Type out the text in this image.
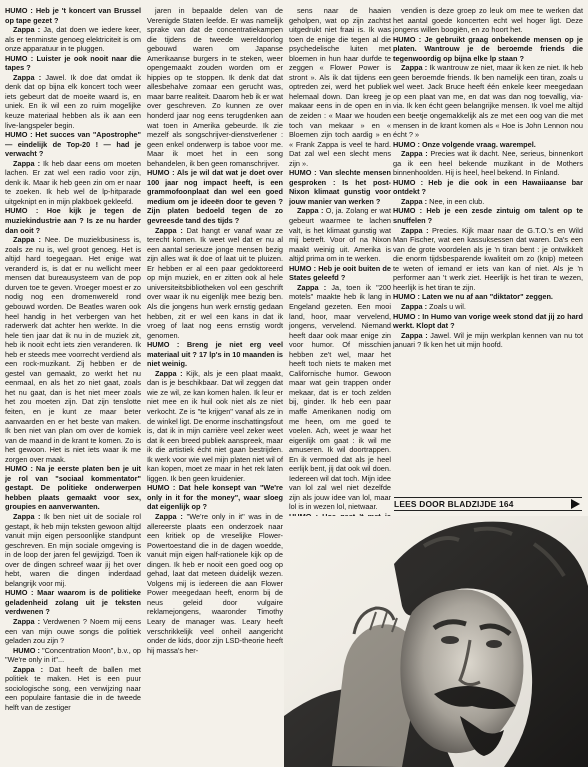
HUMO : Heb je 't koncert van Brussel op tape gezet ?

Zappa : Ja, dat doen we iedere keer, als er tenminste genoeg elektriciteit is om onze apparatuur in te pluggen.

HUMO : Luister je ook nooit naar die tapes ?

Zappa : Jawel. Ik doe dat omdat ik denk dat op bijna elk koncert toch weer iets gebeurt dat de moeite waard is, en uniek. En ik wil een zo ruim mogelijke keuze materiaal hebben als ik aan een live-langspeler begin.

HUMO : Het succes van "Apostrophe" — eindelijk de Top-20 ! — had je verwacht ?

Zappa : Ik heb daar eens om moeten lachen. Er zat wel een radio voor zijn, denk ik. Maar ik heb geen zin om er naar te zoeken. Ik heb wel de lp-hitparade uitgeknipt en in mijn plakboek gekleefd.

HUMO : Hoe kijk je tegen de muziekindustrie aan ? Is ze nu harder dan ooit ?

Zappa : Nee. De muziekbusiness is, zoals ze nu is, wel groot genoeg. Het is altijd hard toegegaan. Het enige wat veranderd is, is dat er nu wellicht meer mensen dat bureausysteem van de pop durven toe te geven. Vroeger moest er zo nodig nog een dromenwereld rond gebouwd worden. De Beatles waren ook heel handig in het verbergen van het raderwerk dat achter hen werkte. In die hele tien jaar dat ik nu in de muziek zit, heb ik nooit echt iets zien veranderen. Ik heb er steeds mee voorrecht verdiend als een rock-muzikant. Zij hebben er de gestel van gemaakt, zo werkt het nu eenmaal, en als het zo niet gaat, zoals het nu gaat, dan is het niet meer zoals het zou moeten zijn. Dat zijn tenslotte feiten, en je kunt ze maar beter aanvaarden en er het beste van maken. Ik ben niet van plan om over de komiek van de maand in de krant te komen. Zo is het gewoon. Het is niet iets waar ik me zorgen over maak.

HUMO : Na je eerste platen ben je uit je rol van "sociaal kommentator" gestapt. De politieke onderwerpen hebben plaats gemaakt voor sex, groupies en aanverwanten.

Zappa : Ik ben niet uit de sociale rol gestapt, ik heb mijn teksten gewoon altijd vanuit mijn eigen persoonlijke standpunt geschreven. En mijn sociale omgeving is in de loop der jaren fel gewijzigd. Toen ik over de dingen schreef waar jij het over hebt, waren die dingen inderdaad belangrijk voor mij.

HUMO : Maar waarom is de politieke geladenheid zolang uit je teksten verdwenen ?

Zappa : Verdwenen ? Noem mij eens een van mijn ouwe songs die politiek geladen zou zijn ?

HUMO : "Concentration Moon", b.v., op "We're only in it"...

Zappa : Dat heeft de ballen met politiek te maken. Het is een puur sociologische song, een verwijzing naar een populaire fantasie die in de tweede helft van de zestiger

jaren in bepaalde delen van de Verenigde Staten leefde. Er was namelijk sprake van dat de concentratiekampen die tijdens de tweede wereldoorlog gebouwd waren om Japanse Amerikaanse burgers in te steken, weer opengemaakt zouden worden om er hippies op te stoppen. Ik denk dat dat allesbehalve zomaar een gerucht was, maar barre realiteit. Daarom heb ik er wat over geschreven. Zo kunnen ze over honderd jaar nog eens terugdenken aan wat toen in Amerika gebeurde. Ik zie mezelf als songschrijver-dienstverlener : geen enkel onderwerp is taboe voor me. Maar ik moet het in een song behandelen, ik ben geen romanschrijver.

HUMO : Als je wil dat wat je doet over 100 jaar nog impact heeft, is een grammofoonplaat dan wel een goed medium om je ideeën door te geven ? Zijn platen bedoeld tegen de zo gevreesde tand des tijds ?

Zappa : Dat hangt er vanaf waar ze terecht komen. Ik weet wel dat er nu al een aantal serieuze jonge mensen bezig zijn alles wat ik doe of laat uit te pluizen. Er hebben er al een paar gedoktoreerd op mijn muziek, en er zitten ook al hele universiteitsbibliotheken vol een geschrift over waar ik nu eigenlijk mee bezig ben. Als die jongens hun werk ernstig gedaan hebben, zit er wel een kans in dat ik vroeg of laat nog eens ernstig wordt genomen.

HUMO : Breng je niet erg veel materiaal uit ? 17 lp's in 10 maanden is niet weinig.

Zappa : Kijk, als je een plaat maakt, dan is je beschikbaar. Dat wil zeggen dat wie ze wil, ze kan komen halen. Ik leur er niet mee en ik huil ook niet als ze niet verkocht. Ze is "te krijgen" vanaf als ze in de winkel ligt. De enorme inschattingsfout is, dat ik in mijn carrière veel zeker weet dat ik een breed publiek aanspreek, maar ik die artistiek écht niet gaan bestrijden. Ik werk voor wie wel mijn platen niet wil of kan kopen, moet ze maar in het rek laten liggen. Ik ben geen kruidenier.

HUMO : Dat hele konsept van "We're only in it for the money", waar sloeg dat eigenlijk op ?

Zappa : "We're only in it" was in de allereerste plaats een onderzoek naar een kritiek op de vreselijke Flower-Powertoestand die in de dagen woedde, vanuit mijn eigen half-rationele kijk op de dingen. Ik heb er nooit een goed oog op gehad, laat dat meteen duidelijk wezen. Volgens mij is iedereen die aan Flower Power meegedaan heeft, enorm bij de neus geleid door vulgaire reklamejongens, waaronder Timothy Leary de manager was. Leary heeft verschrikkelijk veel onheil aangericht onder de kids, door zijn LSD-theorie heeft hij massa's her-

sens naar de haaien geholpen, wat op zijn zachtst uitgedrukt niet fraai is. Ik was toen de enige die tegen al die psychedelische luiten met bloemen in hun haar durfde te zeggen « Flower Power is stront ». Als ik dat tijdens een optreden zei, werd het publiek helemaal down. Dan kreeg je makaar eens in de open en in de zeiden : « Maar we houden toch van mekaar » en « Bloemen zijn toch aardig » en « Frank Zappa is veel te hard. Dat zal wel een slecht mens zijn ».

HUMO : Van slechte mensen gesproken : Is het post-Nixon klimaat gunstig voor jouw manier van werken ?

Zappa : O, ja. Zolang er wat gebeurt waarmee te lachen valt, is het klimaat gunstig wat mij betreft. Voor of na Nixon maakt weinig uit. Amerika is altijd prima om in te werken.

HUMO : Heb je ooit buiten de States geleefd ?

Zappa : Ja, toen ik "200 motels" maakte heb ik lang in Engeland gezeten. Een mooi land, hoor, maar vervelend, jongens, vervelend. Niemand heeft daar ook maar enige zin voor humor. Of misschien hebben ze't wel, maar het heeft toch niets te maken met Californische humor. Gewoon maar wat gein trappen onder mekaar, dat is er toch zelden bij, ginder. Ik heb een paar maffe Amerikanen nodig om me heen, om me goed te voelen. Ach, weet je waar het eigenlijk om gaat : ik wil me amuseren. Ik wil doortrappen. En ik vermoed dat als je heel eerlijk bent, jij dat ook wil doen. Iedereen wil dat toch. Mijn idee van lol zal wel niet dezelfde zijn als jouw idee van lol, maar lol is in wezen lol, nietwaar.

vendien is deze groep zo leuk om mee te werken dat het aantal goede koncerten echt wel hoger ligt. Deze jongens willen boogiën, en zo hoort het.

HUMO : Je gebruikt graag onbekende mensen op je platen. Wantrouw je de beroemde friends die tegenwoordig op bijna elke lp staan ?

Zappa : Ik wantrouw ze niet, maar ik ken ze niet. Ik heb geen beroemde friends. Ik ben namelijk een tiran, zoals u wel weet. Jack Bruce heeft één enkele keer meegedaan op een plaat van me, en dat was dan nog toevallig, via-via. Ik ken écht geen belangrijke mensen. Ik voel me altijd een beetje ongemakkelijk als ze met een oog van die met mensen in de krant komen als « Hoe is John Lennon nou écht ? »

HUMO : Onze volgende vraag. warempel.

Zappa : Precies wat ik dacht. Nee, serieus, binnenkort ga ik een heel bekende muzikant in de Mothers binnenhoolden. Hij is heel, heel bekend. In Finland.

HUMO : Heb je die ook in een Hawaiiaanse bar ontdekt ?

Zappa : Nee, in een club.

HUMO : Heb je een zesde zintuig om talent op te snuffelen ?

Zappa : Precies. Kijk maar naar de G.T.O.'s en Wild Man Fischer, wat een kassuksessen dat waren. Da's een van de grote voordelen als je 'n tiran bent : je ontwikkelt die enorm tijdsbesparende kwaliteit om zo (knip) meteen te weten of iemand er iets van kan of niet. Als je 'n performer aan 't werk ziet. Heerlijk is het tiran te wezen, heerlijk is het tiran te zijn.

HUMO : Laten we nu af aan "diktator" zeggen.

Zappa : Zoals u wil.

HUMO : In Humo van vorige week stond dat jij zo hard werkt. Klopt dat ?

Zappa : Jawel. Wil je mijn werkplan kennen van nu tot januari ? Ik ken het uit mijn hoofd.

LEES DOOR BLADZIJDE 164
